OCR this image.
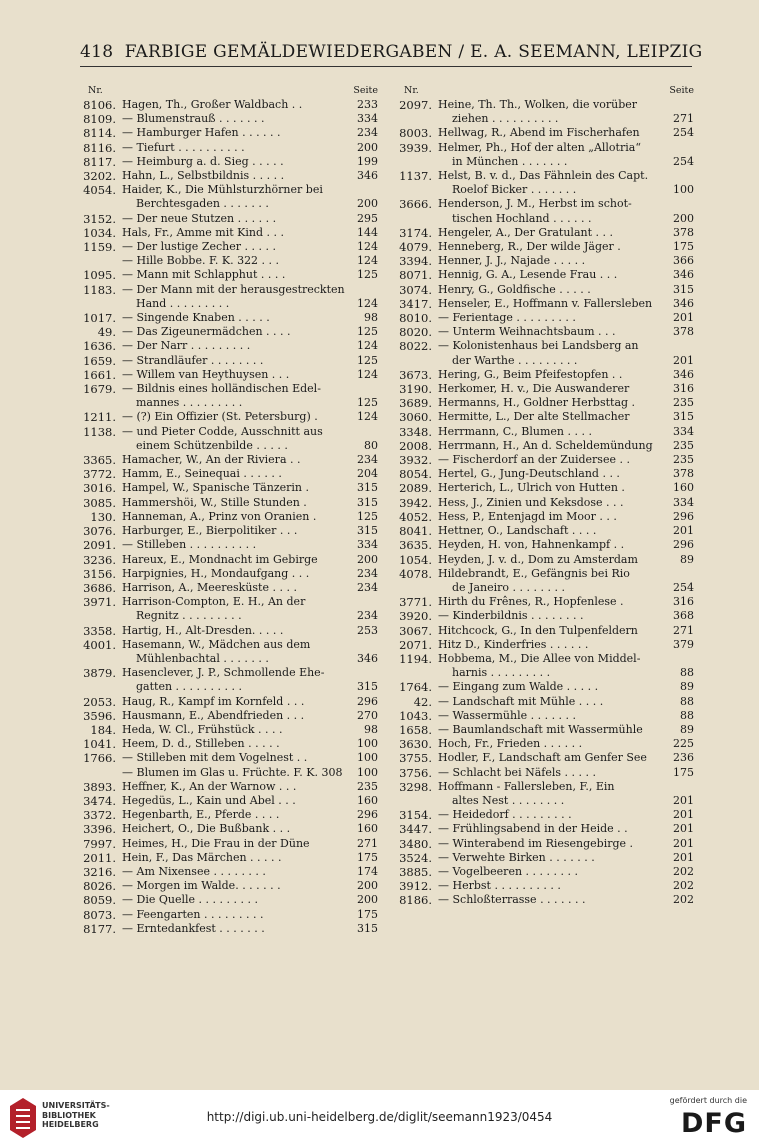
418 FARBIGE GEMÄLDEWIEDERGABEN / E. A. SEEMANN, LEIPZIG
Nr.	Seite
8106. Hagen, Th., Großer Waldbach . .	233
8109. — Blumenstrauß . . . . . . .	334
8114. — Hamburger Hafen . . . . . .	234
8116. — Tiefurt . . . . . . . . . .	200
8117. — Heimburg a. d. Sieg . . . . .	199
3202. Hahn, L., Selbstbildnis . . . . .	346
4054. Haider, K., Die Mühlsturzhörner bei
Berchtesgaden . . . . . . .	200
3152. — Der neue Stutzen . . . . . .	295
1034. Hals, Fr., Amme mit Kind . . .	144
1159. — Der lustige Zecher . . . . .	124
— Hille Bobbe. F. K. 322 . . .	124
1095. — Mann mit Schlapphut . . . .	125
1183. — Der Mann mit der herausgestreckten
Hand . . . . . . . . .	124
1017. — Singende Knaben . . . . .	98
49. — Das Zigeunermädchen . . . .	125
1636. — Der Narr . . . . . . . . .	124
1659. — Strandläufer . . . . . . . .	125
1661. — Willem van Heythuysen . . .	124
1679. — Bildnis eines holländischen Edel-
mannes . . . . . . . . .	125
1211. — (?) Ein Offizier (St. Petersburg) .	124
1138. — und Pieter Codde, Ausschnitt aus
einem Schützenbilde . . . . .	80
3365. Hamacher, W., An der Riviera . .	234
3772. Hamm, E., Seinequai . . . . . .	204
3016. Hampel, W., Spanische Tänzerin .	315
3085. Hammershöi, W., Stille Stunden .	315
130. Hanneman, A., Prinz von Oranien .	125
3076. Harburger, E., Bierpolitiker . . .	315
2091. — Stilleben . . . . . . . . . .	334
3236. Hareux, E., Mondnacht im Gebirge	200
3156. Harpignies, H., Mondaufgang . . .	234
3686. Harrison, A., Meeresküste . . . .	234
3971. Harrison-Compton, E. H., An der
Regnitz . . . . . . . . .	234
3358. Hartig, H., Alt-Dresden. . . . .	253
4001. Hasemann, W., Mädchen aus dem
Mühlenbachtal . . . . . . .	346
3879. Hasenclever, J. P., Schmollende Ehe-
gatten . . . . . . . . . .	315
2053. Haug, R., Kampf im Kornfeld . . .	296
3596. Hausmann, E., Abendfrieden . . .	270
184. Heda, W. Cl., Frühstück . . . .	98
1041. Heem, D. d., Stilleben . . . . .	100
1766. — Stilleben mit dem Vogelnest . .	100
— Blumen im Glas u. Früchte. F. K. 308	100
3893. Heffner, K., An der Warnow . . .	235
3474. Hegedüs, L., Kain und Abel . . .	160
3372. Hegenbarth, E., Pferde . . . .	296
3396. Heichert, O., Die Bußbank . . .	160
7997. Heimes, H., Die Frau in der Düne	271
2011. Hein, F., Das Märchen . . . . .	175
3216. — Am Nixensee . . . . . . . .	174
8026. — Morgen im Walde. . . . . . .	200
8059. — Die Quelle . . . . . . . . .	200
8073. — Feengarten . . . . . . . . .	175
8177. — Erntedankfest . . . . . . .	315
Nr.	Seite
2097. Heine, Th. Th., Wolken, die vorüber
ziehen . . . . . . . . . .	271
8003. Hellwag, R., Abend im Fischerhafen	254
3939. Helmer, Ph., Hof der alten „Allotria“
in München . . . . . . .	254
1137. Helst, B. v. d., Das Fähnlein des Capt.
Roelof Bicker . . . . . . .	100
3666. Henderson, J. M., Herbst im schot-
tischen Hochland . . . . . .	200
3174. Hengeler, A., Der Gratulant . . .	378
4079. Henneberg, R., Der wilde Jäger .	175
3394. Henner, J. J., Najade . . . . .	366
8071. Hennig, G. A., Lesende Frau . . .	346
3074. Henry, G., Goldfische . . . . .	315
3417. Henseler, E., Hoffmann v. Fallersleben	346
8010. — Ferientage . . . . . . . . .	201
8020. — Unterm Weihnachtsbaum . . .	378
8022. — Kolonistenhaus bei Landsberg an
der Warthe . . . . . . . . .	201
3673. Hering, G., Beim Pfeifestopfen . .	346
3190. Herkomer, H. v., Die Auswanderer	316
3689. Hermanns, H., Goldner Herbsttag .	235
3060. Hermitte, L., Der alte Stellmacher	315
3348. Herrmann, C., Blumen . . . .	334
2008. Herrmann, H., An d. Scheldemündung	235
3932. — Fischerdorf an der Zuidersee . .	235
8054. Hertel, G., Jung-Deutschland . . .	378
2089. Herterich, L., Ulrich von Hutten .	160
3942. Hess, J., Zinien und Keksdose . . .	334
4052. Hess, P., Entenjagd im Moor . . .	296
8041. Hettner, O., Landschaft . . . .	201
3635. Heyden, H. von, Hahnenkampf . .	296
1054. Heyden, J. v. d., Dom zu Amsterdam	89
4078. Hildebrandt, E., Gefängnis bei Rio
de Janeiro . . . . . . . .	254
3771. Hirth du Frênes, R., Hopfenlese .	316
3920. — Kinderbildnis . . . . . . . .	368
3067. Hitchcock, G., In den Tulpenfeldern	271
2071. Hitz D., Kinderfries . . . . . .	379
1194. Hobbema, M., Die Allee von Middel-
harnis . . . . . . . . .	88
1764. — Eingang zum Walde . . . . .	89
42. — Landschaft mit Mühle . . . .	88
1043. — Wassermühle . . . . . . .	88
1658. — Baumlandschaft mit Wassermühle	89
3630. Hoch, Fr., Frieden . . . . . .	225
3755. Hodler, F., Landschaft am Genfer See	236
3756. — Schlacht bei Näfels . . . . .	175
3298. Hoffmann - Fallersleben, F., Ein
altes Nest . . . . . . . .	201
3154. — Heidedorf . . . . . . . . .	201
3447. — Frühlingsabend in der Heide . .	201
3480. — Winterabend im Riesengebirge .	201
3524. — Verwehte Birken . . . . . . .	201
3885. — Vogelbeeren . . . . . . . .	202
3912. — Herbst . . . . . . . . . .	202
8186. — Schloßterrasse . . . . . . .	202
UNIVERSITÄTS-
BIBLIOTHEK
HEIDELBERG
http://digi.ub.uni-heidelberg.de/diglit/seemann1923/0454
gefördert durch die
DFG
